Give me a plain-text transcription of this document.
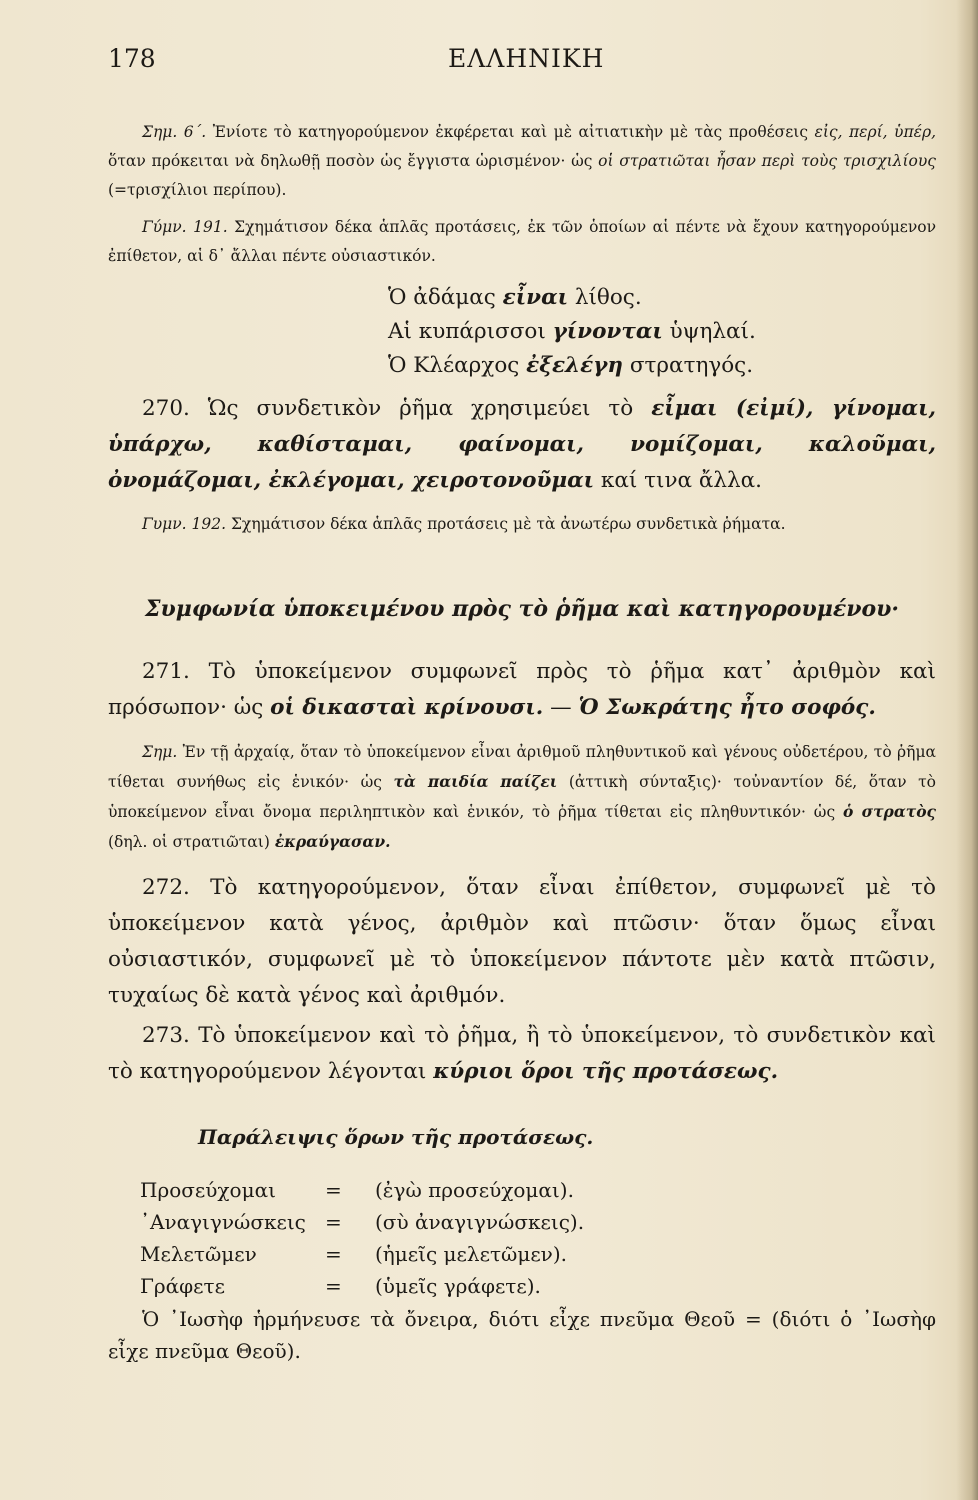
178	ΕΛΛΗΝΙΚΗ
Σημ. 6΄. Ἐνίοτε τὸ κατηγορούμενον ἐκφέρεται καὶ μὲ αἰτιατικὴν μὲ τὰς προθέσεις εἰς, περί, ὑπέρ, ὅταν πρόκειται νὰ δηλωθῇ ποσὸν ὡς ἔγγιστα ὡρισμένον· ὡς οἱ στρατιῶται ἦσαν περὶ τοὺς τρισχιλίους (=τρισχίλιοι περίπου).
Γύμν. 191. Σχημάτισον δέκα ἁπλᾶς προτάσεις, ἐκ τῶν ὁποίων αἱ πέντε νὰ ἔχουν κατηγορούμενον ἐπίθετον, αἱ δ᾿ ἄλλαι πέντε οὐσιαστικόν.
Ὁ ἀδάμας εἶναι λίθος.
Αἱ κυπάρισσοι γίνονται ὑψηλαί.
Ὁ Κλέαρχος ἐξελέγη στρατηγός.
270. Ὡς συνδετικὸν ῥῆμα χρησιμεύει τὸ εἶμαι (εἰμί), γίνομαι, ὑπάρχω, καθίσταμαι, φαίνομαι, νομίζομαι, καλοῦμαι, ὀνομάζομαι, ἐκλέγομαι, χειροτονοῦμαι καί τινα ἄλλα.
Γυμν. 192. Σχημάτισον δέκα ἁπλᾶς προτάσεις μὲ τὰ ἀνωτέρω συνδετικὰ ῥήματα.
Συμφωνία ὑποκειμένου πρὸς τὸ ῥῆμα καὶ κατηγορουμένου·
271. Τὸ ὑποκείμενον συμφωνεῖ πρὸς τὸ ῥῆμα κατ᾿ ἀριθμὸν καὶ πρόσωπον· ὡς οἱ δικασταὶ κρίνουσι. — Ὁ Σωκράτης ἦτο σοφός.
Σημ. Ἐν τῇ ἀρχαίᾳ, ὅταν τὸ ὑποκείμενον εἶναι ἀριθμοῦ πληθυντικοῦ καὶ γένους οὐδετέρου, τὸ ῥῆμα τίθεται συνήθως εἰς ἑνικόν· ὡς τὰ παιδία παίζει (ἀττικὴ σύνταξις)· τοὐναντίον δέ, ὅταν τὸ ὑποκείμενον εἶναι ὄνομα περιληπτικὸν καὶ ἑνικόν, τὸ ῥῆμα τίθεται εἰς πληθυντικόν· ὡς ὁ στρατὸς (δηλ. οἱ στρατιῶται) ἐκραύγασαν.
272. Τὸ κατηγορούμενον, ὅταν εἶναι ἐπίθετον, συμφωνεῖ μὲ τὸ ὑποκείμενον κατὰ γένος, ἀριθμὸν καὶ πτῶσιν· ὅταν ὅμως εἶναι οὐσιαστικόν, συμφωνεῖ μὲ τὸ ὑποκείμενον πάντοτε μὲν κατὰ πτῶσιν, τυχαίως δὲ κατὰ γένος καὶ ἀριθμόν.
273. Τὸ ὑποκείμενον καὶ τὸ ῥῆμα, ἢ τὸ ὑποκείμενον, τὸ συνδετικὸν καὶ τὸ κατηγορούμενον λέγονται κύριοι ὅροι τῆς προτάσεως.
Παράλειψις ὅρων τῆς προτάσεως.
Προσεύχομαι	=	(ἐγὼ προσεύχομαι).
᾿Αναγιγνώσκεις =	(σὺ ἀναγιγνώσκεις).
Μελετῶμεν	=	(ἡμεῖς μελετῶμεν).
Γράφετε	=	(ὑμεῖς γράφετε).
Ὁ ᾿Ιωσὴφ ἡρμήνευσε τὰ ὄνειρα, διότι εἶχε πνεῦμα Θεοῦ = (διότι ὁ ᾿Ιωσὴφ εἶχε πνεῦμα Θεοῦ).
